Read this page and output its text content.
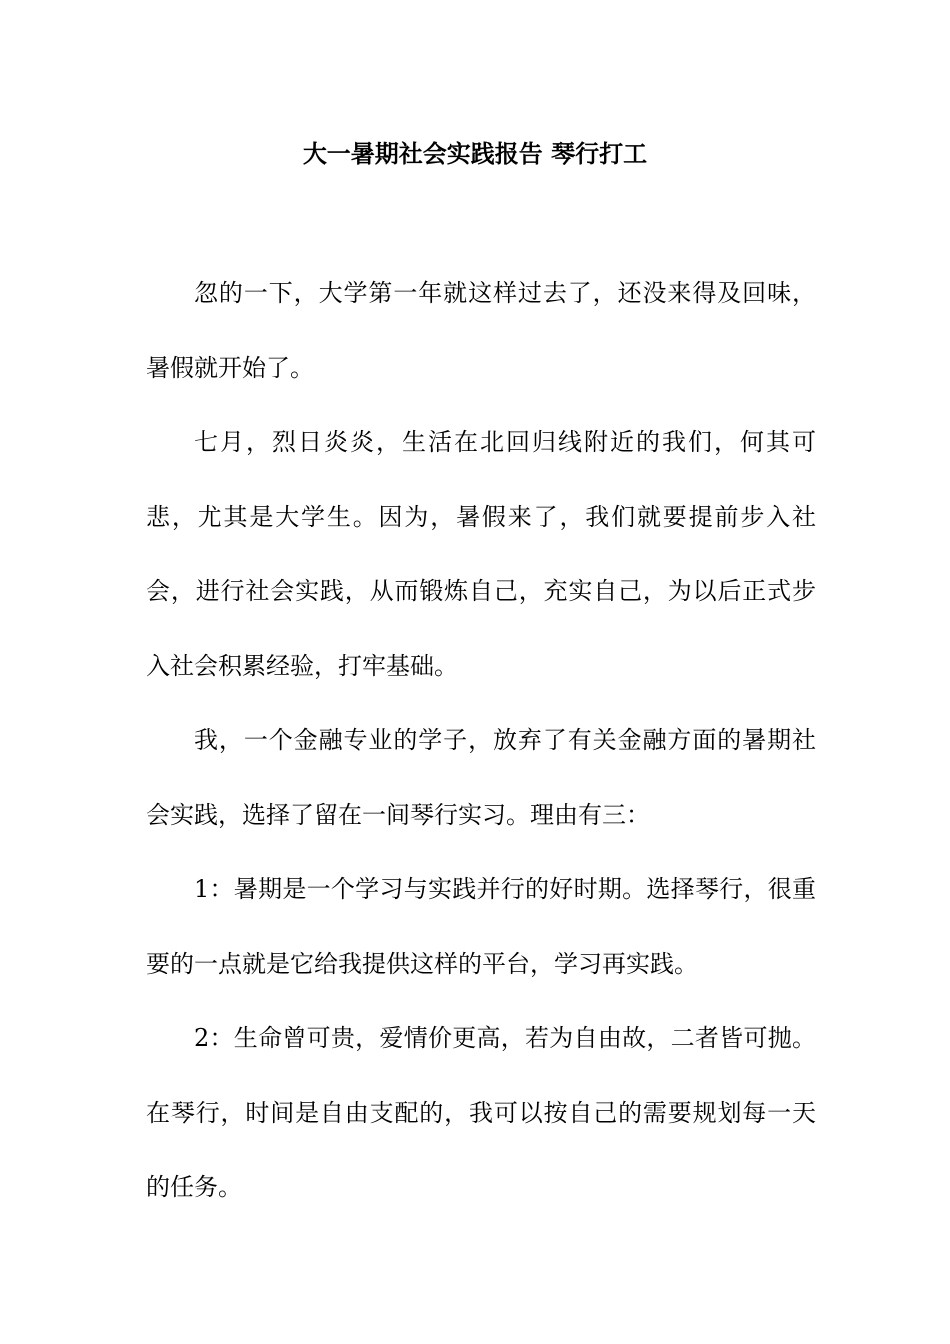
大一暑期社会实践报告 琴行打工

忽的一下，大学第一年就这样过去了，还没来得及回味，暑假就开始了。

七月，烈日炎炎，生活在北回归线附近的我们，何其可悲，尤其是大学生。因为，暑假来了，我们就要提前步入社会，进行社会实践，从而锻炼自己，充实自己，为以后正式步入社会积累经验，打牢基础。

我，一个金融专业的学子，放弃了有关金融方面的暑期社会实践，选择了留在一间琴行实习。理由有三：

1：暑期是一个学习与实践并行的好时期。选择琴行，很重要的一点就是它给我提供这样的平台，学习再实践。

2：生命曾可贵，爱情价更高，若为自由故，二者皆可抛。在琴行，时间是自由支配的，我可以按自己的需要规划每一天的任务。
